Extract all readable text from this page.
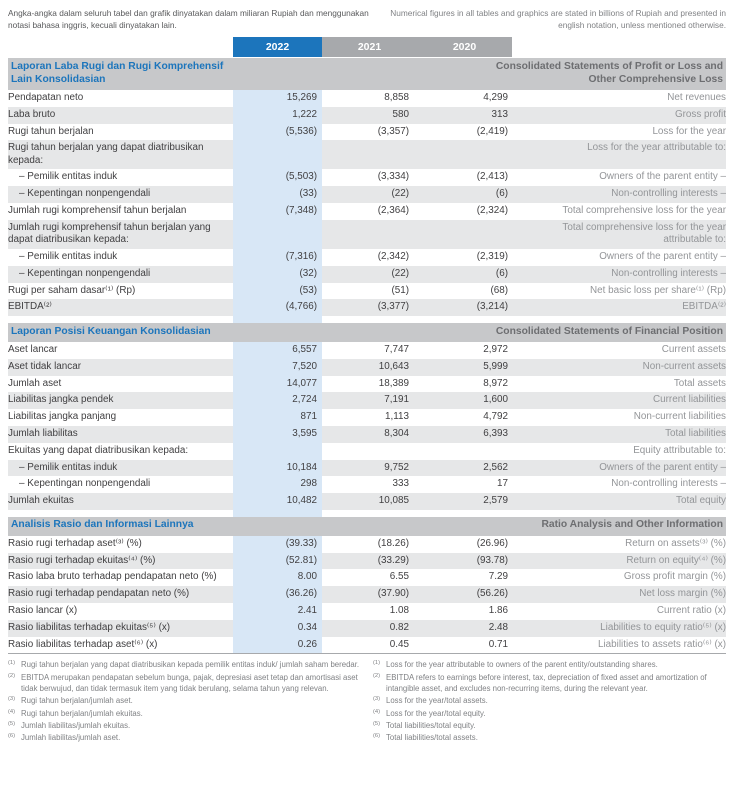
Angka-angka dalam seluruh tabel dan grafik dinyatakan dalam miliaran Rupiah dan menggunakan notasi bahasa inggris, kecuali dinyatakan lain.

Numerical figures in all tables and graphics are stated in billions of Rupiah and presented in english notation, unless mentioned otherwise.

2022	2021	2020
Laporan Laba Rugi dan Rugi Komprehensif Lain Konsolidasian
Consolidated Statements of Profit or Loss and Other Comprehensive Loss
Pendapatan neto	15,269	8,858	4,299	Net revenues
Laba bruto	1,222	580	313	Gross profit
Rugi tahun berjalan	(5,536)	(3,357)	(2,419)	Loss for the year
Rugi tahun berjalan yang dapat diatribusikan kepada:
Loss for the year attributable to:
– Pemilik entitas induk	(5,503)	(3,334)	(2,413)	Owners of the parent entity –
– Kepentingan nonpengendali	(33)	(22)	(6)	Non-controlling interests –
Jumlah rugi komprehensif tahun berjalan	(7,348)	(2,364)	(2,324)	Total comprehensive loss for the year
Jumlah rugi komprehensif tahun berjalan yang dapat diatribusikan kepada:
Total comprehensive loss for the year attributable to:
– Pemilik entitas induk	(7,316)	(2,342)	(2,319)	Owners of the parent entity –
– Kepentingan nonpengendali	(32)	(22)	(6)	Non-controlling interests –
Rugi per saham dasar⁽¹⁾ (Rp)	(53)	(51)	(68)	Net basic loss per share⁽¹⁾ (Rp)
EBITDA⁽²⁾	(4,766)	(3,377)	(3,214)	EBITDA⁽²⁾
Laporan Posisi Keuangan Konsolidasian	Consolidated Statements of Financial Position
Aset lancar	6,557	7,747	2,972	Current assets
Aset tidak lancar	7,520	10,643	5,999	Non-current assets
Jumlah aset	14,077	18,389	8,972	Total assets
Liabilitas jangka pendek	2,724	7,191	1,600	Current liabilities
Liabilitas jangka panjang	871	1,113	4,792	Non-current liabilities
Jumlah liabilitas	3,595	8,304	6,393	Total liabilities
Ekuitas yang dapat diatribusikan kepada:	Equity attributable to:
– Pemilik entitas induk	10,184	9,752	2,562	Owners of the parent entity –
– Kepentingan nonpengendali	298	333	17	Non-controlling interests –
Jumlah ekuitas	10,482	10,085	2,579	Total equity
Analisis Rasio dan Informasi Lainnya	Ratio Analysis and Other Information
Rasio rugi terhadap aset⁽³⁾ (%)	(39.33)	(18.26)	(26.96)	Return on assets⁽³⁾ (%)
Rasio rugi terhadap ekuitas⁽⁴⁾ (%)	(52.81)	(33.29)	(93.78)	Return on equity⁽⁴⁾ (%)
Rasio laba bruto terhadap pendapatan neto (%)	8.00	6.55	7.29	Gross profit margin (%)
Rasio rugi terhadap pendapatan neto (%)	(36.26)	(37.90)	(56.26)	Net loss margin (%)
Rasio lancar (x)	2.41	1.08	1.86	Current ratio (x)
Rasio liabilitas terhadap ekuitas⁽⁵⁾ (x)	0.34	0.82	2.48	Liabilities to equity ratio⁽⁵⁾ (x)
Rasio liabilitas terhadap aset⁽⁶⁾ (x)	0.26	0.45	0.71	Liabilities to assets ratio⁽⁶⁾ (x)
(1) Rugi tahun berjalan yang dapat diatribusikan kepada pemilik entitas induk/ jumlah saham beredar.
(2) EBITDA merupakan pendapatan sebelum bunga, pajak, depresiasi aset tetap dan amortisasi aset tidak berwujud, dan tidak termasuk item yang tidak berulang, selama tahun yang relevan.
(3) Rugi tahun berjalan/jumlah aset.
(4) Rugi tahun berjalan/jumlah ekuitas.
(5) Jumlah liabilitas/jumlah ekuitas.
(6) Jumlah liabilitas/jumlah aset.
(1) Loss for the year attributable to owners of the parent entity/outstanding shares.
(2) EBITDA refers to earnings before interest, tax, depreciation of fixed asset and amortization of intangible asset, and excludes non-recurring items, during the relevant year.
(3) Loss for the year/total assets.
(4) Loss for the year/total equity.
(5) Total liabilities/total equity.
(6) Total liabilities/total assets.
